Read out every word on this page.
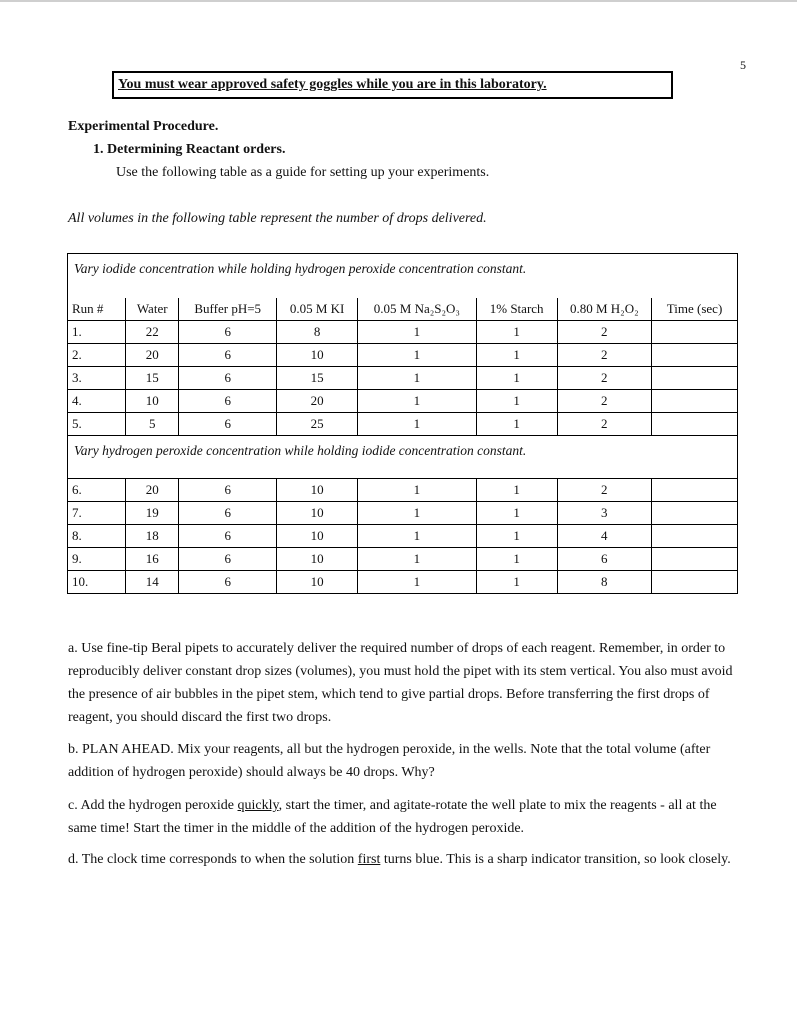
5
You must wear approved safety goggles while you are in this laboratory.
Experimental Procedure.
1. Determining Reactant orders.
Use the following table as a guide for setting up your experiments.
All volumes in the following table represent the number of drops delivered.
Vary iodide concentration while holding hydrogen peroxide concentration constant.
Run #	Water	Buffer pH=5	0.05 M KI	0.05 M Na₂S₂O₃	1% Starch	0.80 M H₂O₂	Time (sec)
1.	22	6	8	1	1	2	
2.	20	6	10	1	1	2	
3.	15	6	15	1	1	2	
4.	10	6	20	1	1	2	
5.	5	6	25	1	1	2	
Vary hydrogen peroxide concentration while holding iodide concentration constant.
6.	20	6	10	1	1	2	
7.	19	6	10	1	1	3	
8.	18	6	10	1	1	4	
9.	16	6	10	1	1	6	
10.	14	6	10	1	1	8	
a. Use fine-tip Beral pipets to accurately deliver the required number of drops of each reagent. Remember, in order to reproducibly deliver constant drop sizes (volumes), you must hold the pipet with its stem vertical. You also must avoid the presence of air bubbles in the pipet stem, which tend to give partial drops. Before transferring the first drops of reagent, you should discard the first two drops.
b. PLAN AHEAD. Mix your reagents, all but the hydrogen peroxide, in the wells. Note that the total volume (after addition of hydrogen peroxide) should always be 40 drops. Why?
c. Add the hydrogen peroxide quickly, start the timer, and agitate-rotate the well plate to mix the reagents - all at the same time! Start the timer in the middle of the addition of the hydrogen peroxide.
d. The clock time corresponds to when the solution first turns blue. This is a sharp indicator transition, so look closely.
